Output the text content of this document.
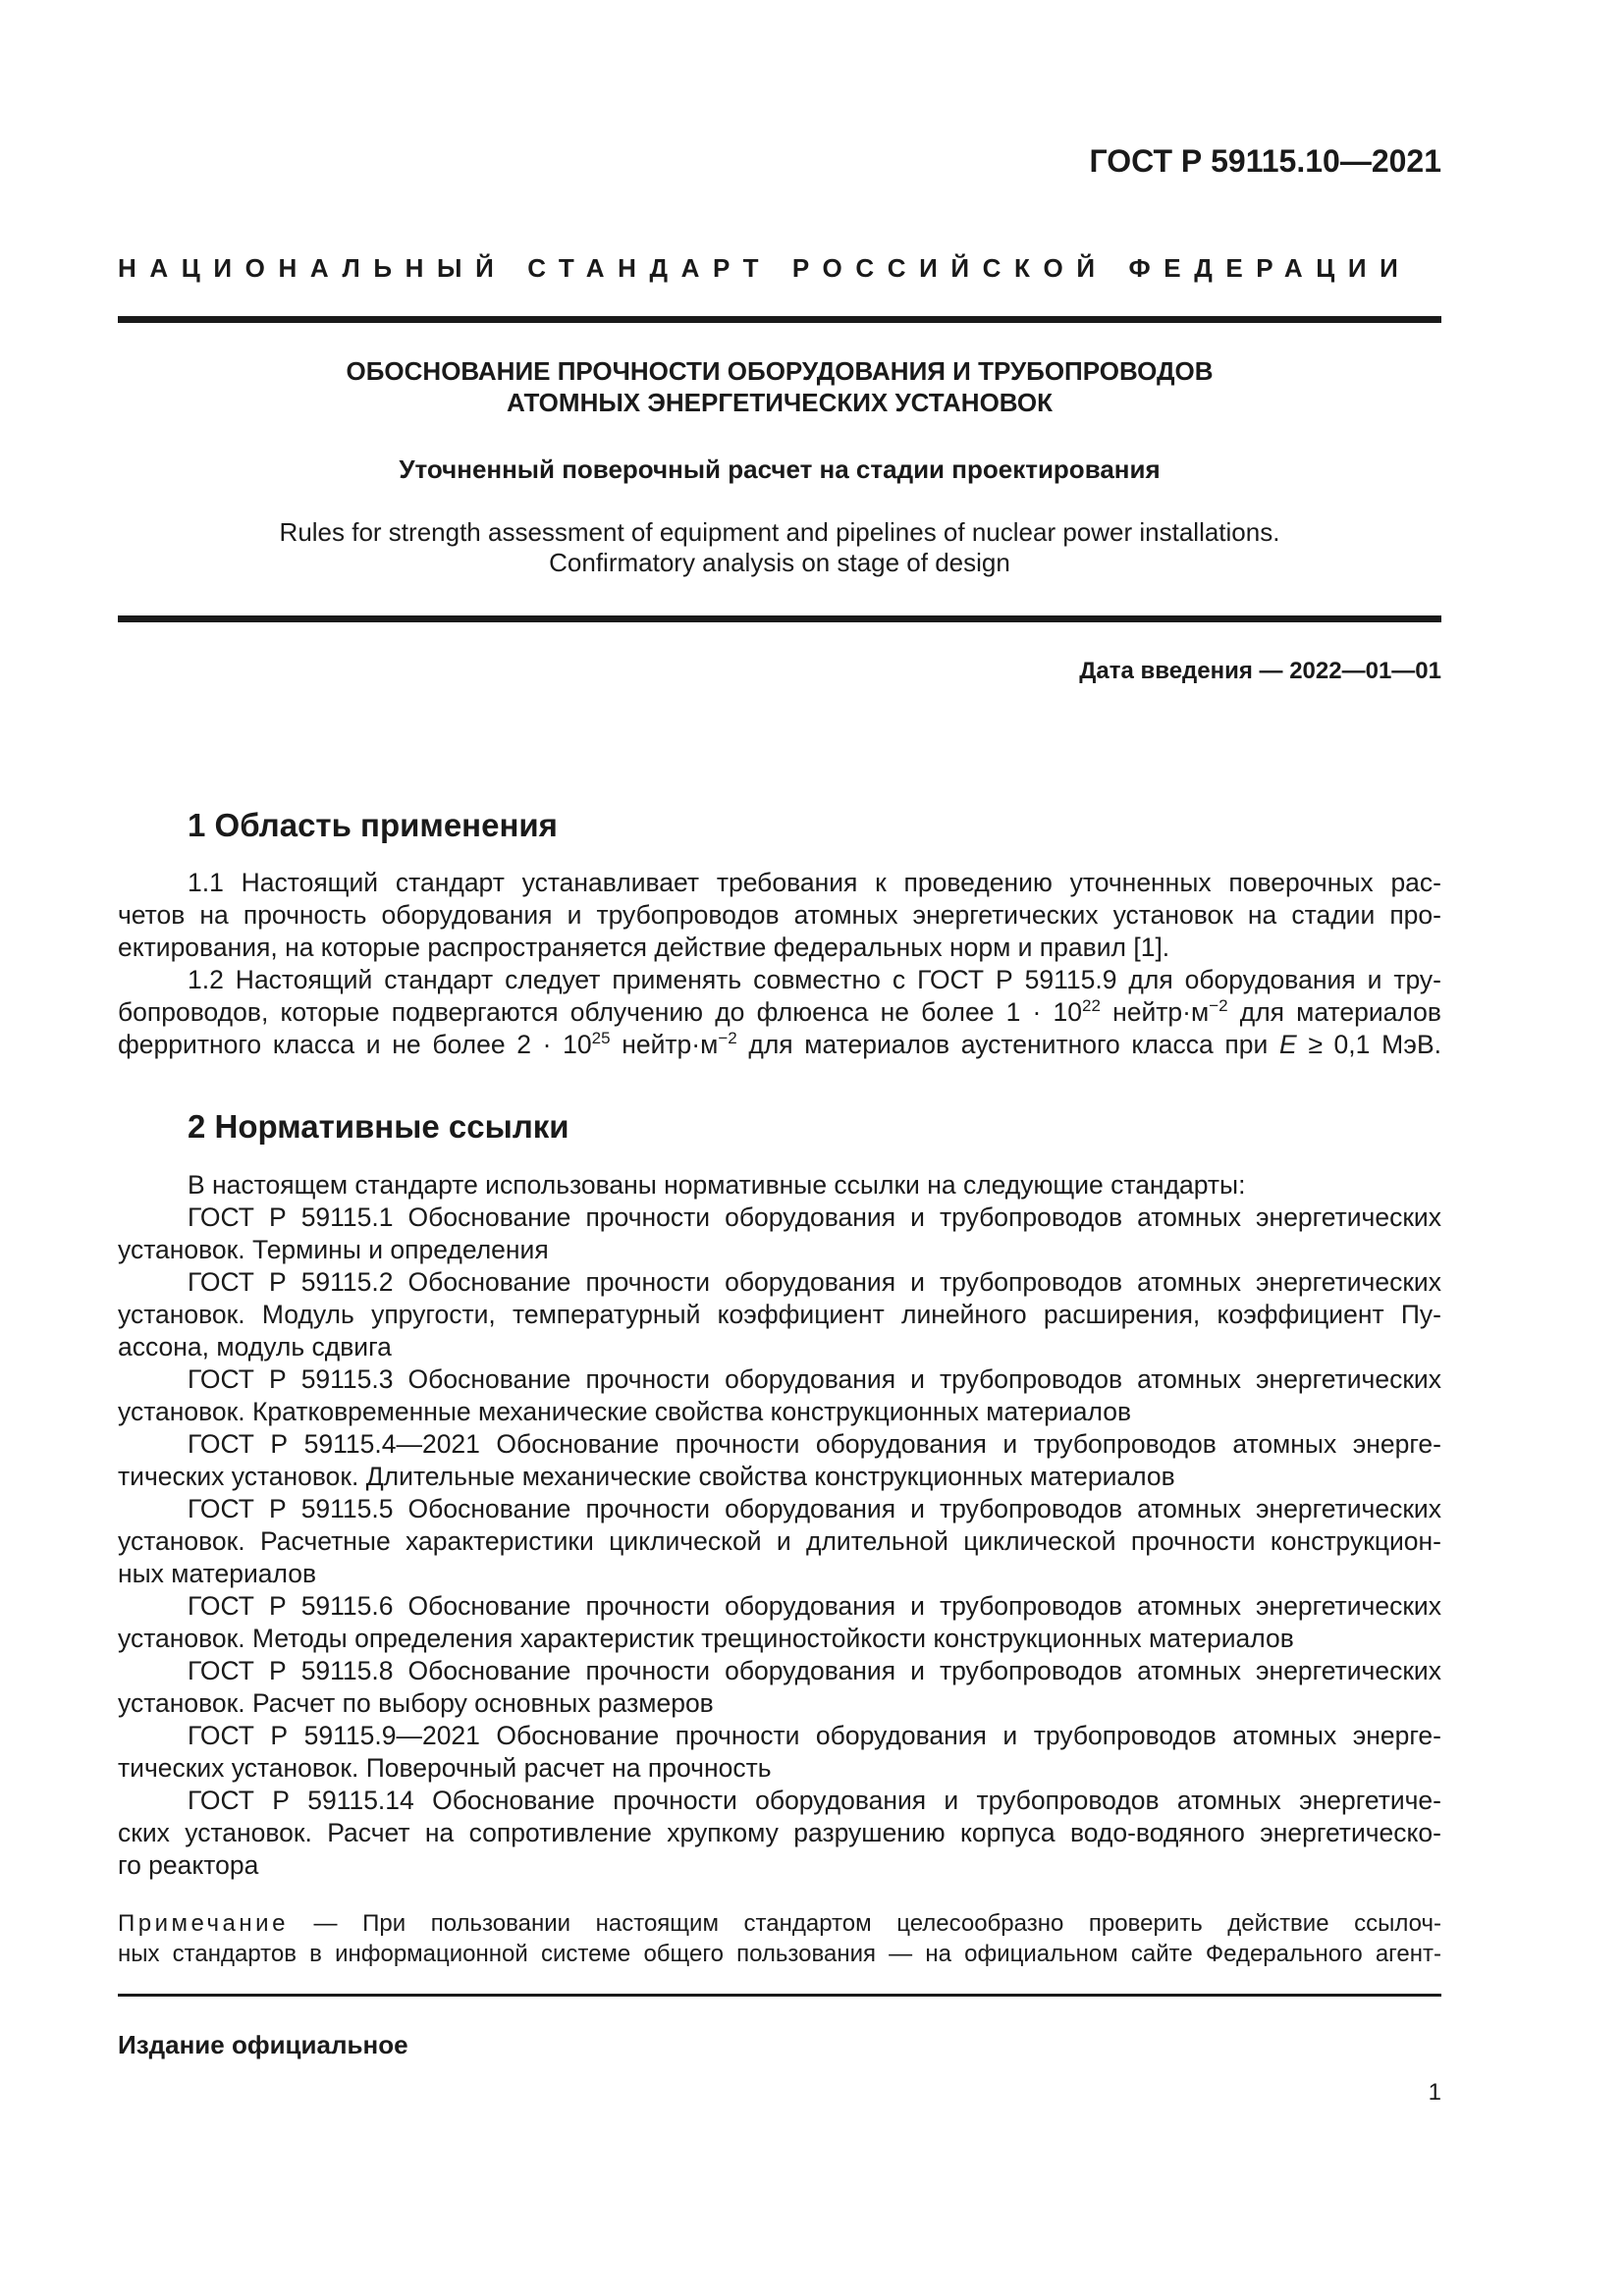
ГОСТ Р 59115.10—2021
НАЦИОНАЛЬНЫЙ СТАНДАРТ РОССИЙСКОЙ ФЕДЕРАЦИИ
ОБОСНОВАНИЕ ПРОЧНОСТИ ОБОРУДОВАНИЯ И ТРУБОПРОВОДОВ
АТОМНЫХ ЭНЕРГЕТИЧЕСКИХ УСТАНОВОК
Уточненный поверочный расчет на стадии проектирования
Rules for strength assessment of equipment and pipelines of nuclear power installations.
Confirmatory analysis on stage of design
Дата введения — 2022—01—01
1 Область применения
1.1 Настоящий стандарт устанавливает требования к проведению уточненных поверочных рас-
четов на прочность оборудования и трубопроводов атомных энергетических установок на стадии про-
ектирования, на которые распространяется действие федеральных норм и правил [1].
1.2 Настоящий стандарт следует применять совместно с ГОСТ Р 59115.9 для оборудования и тру-
бопроводов, которые подвергаются облучению до флюенса не более $1 \cdot 10^{22}$ $нейтр\cdot м^{-2}$ для материалов
ферритного класса и не более $2 \cdot 10^{25}$ $нейтр\cdot м^{-2}$ для материалов аустенитного класса при E ≥ 0,1 МэВ.
2 Нормативные ссылки
В настоящем стандарте использованы нормативные ссылки на следующие стандарты:
ГОСТ Р 59115.1 Обоснование прочности оборудования и трубопроводов атомных энергетических
установок. Термины и определения
ГОСТ Р 59115.2 Обоснование прочности оборудования и трубопроводов атомных энергетических
установок. Модуль упругости, температурный коэффициент линейного расширения, коэффициент Пу-
ассона, модуль сдвига
ГОСТ Р 59115.3 Обоснование прочности оборудования и трубопроводов атомных энергетических
установок. Кратковременные механические свойства конструкционных материалов
ГОСТ Р 59115.4—2021 Обоснование прочности оборудования и трубопроводов атомных энерге-
тических установок. Длительные механические свойства конструкционных материалов
ГОСТ Р 59115.5 Обоснование прочности оборудования и трубопроводов атомных энергетических
установок. Расчетные характеристики циклической и длительной циклической прочности конструкцион-
ных материалов
ГОСТ Р 59115.6 Обоснование прочности оборудования и трубопроводов атомных энергетических
установок. Методы определения характеристик трещиностойкости конструкционных материалов
ГОСТ Р 59115.8 Обоснование прочности оборудования и трубопроводов атомных энергетических
установок. Расчет по выбору основных размеров
ГОСТ Р 59115.9—2021 Обоснование прочности оборудования и трубопроводов атомных энерге-
тических установок. Поверочный расчет на прочность
ГОСТ Р 59115.14 Обоснование прочности оборудования и трубопроводов атомных энергетиче-
ских установок. Расчет на сопротивление хрупкому разрушению корпуса водо-водяного энергетическо-
го реактора
Примечание — При пользовании настоящим стандартом целесообразно проверить действие ссылоч-
ных стандартов в информационной системе общего пользования — на официальном сайте Федерального агент-
Издание официальное
1
